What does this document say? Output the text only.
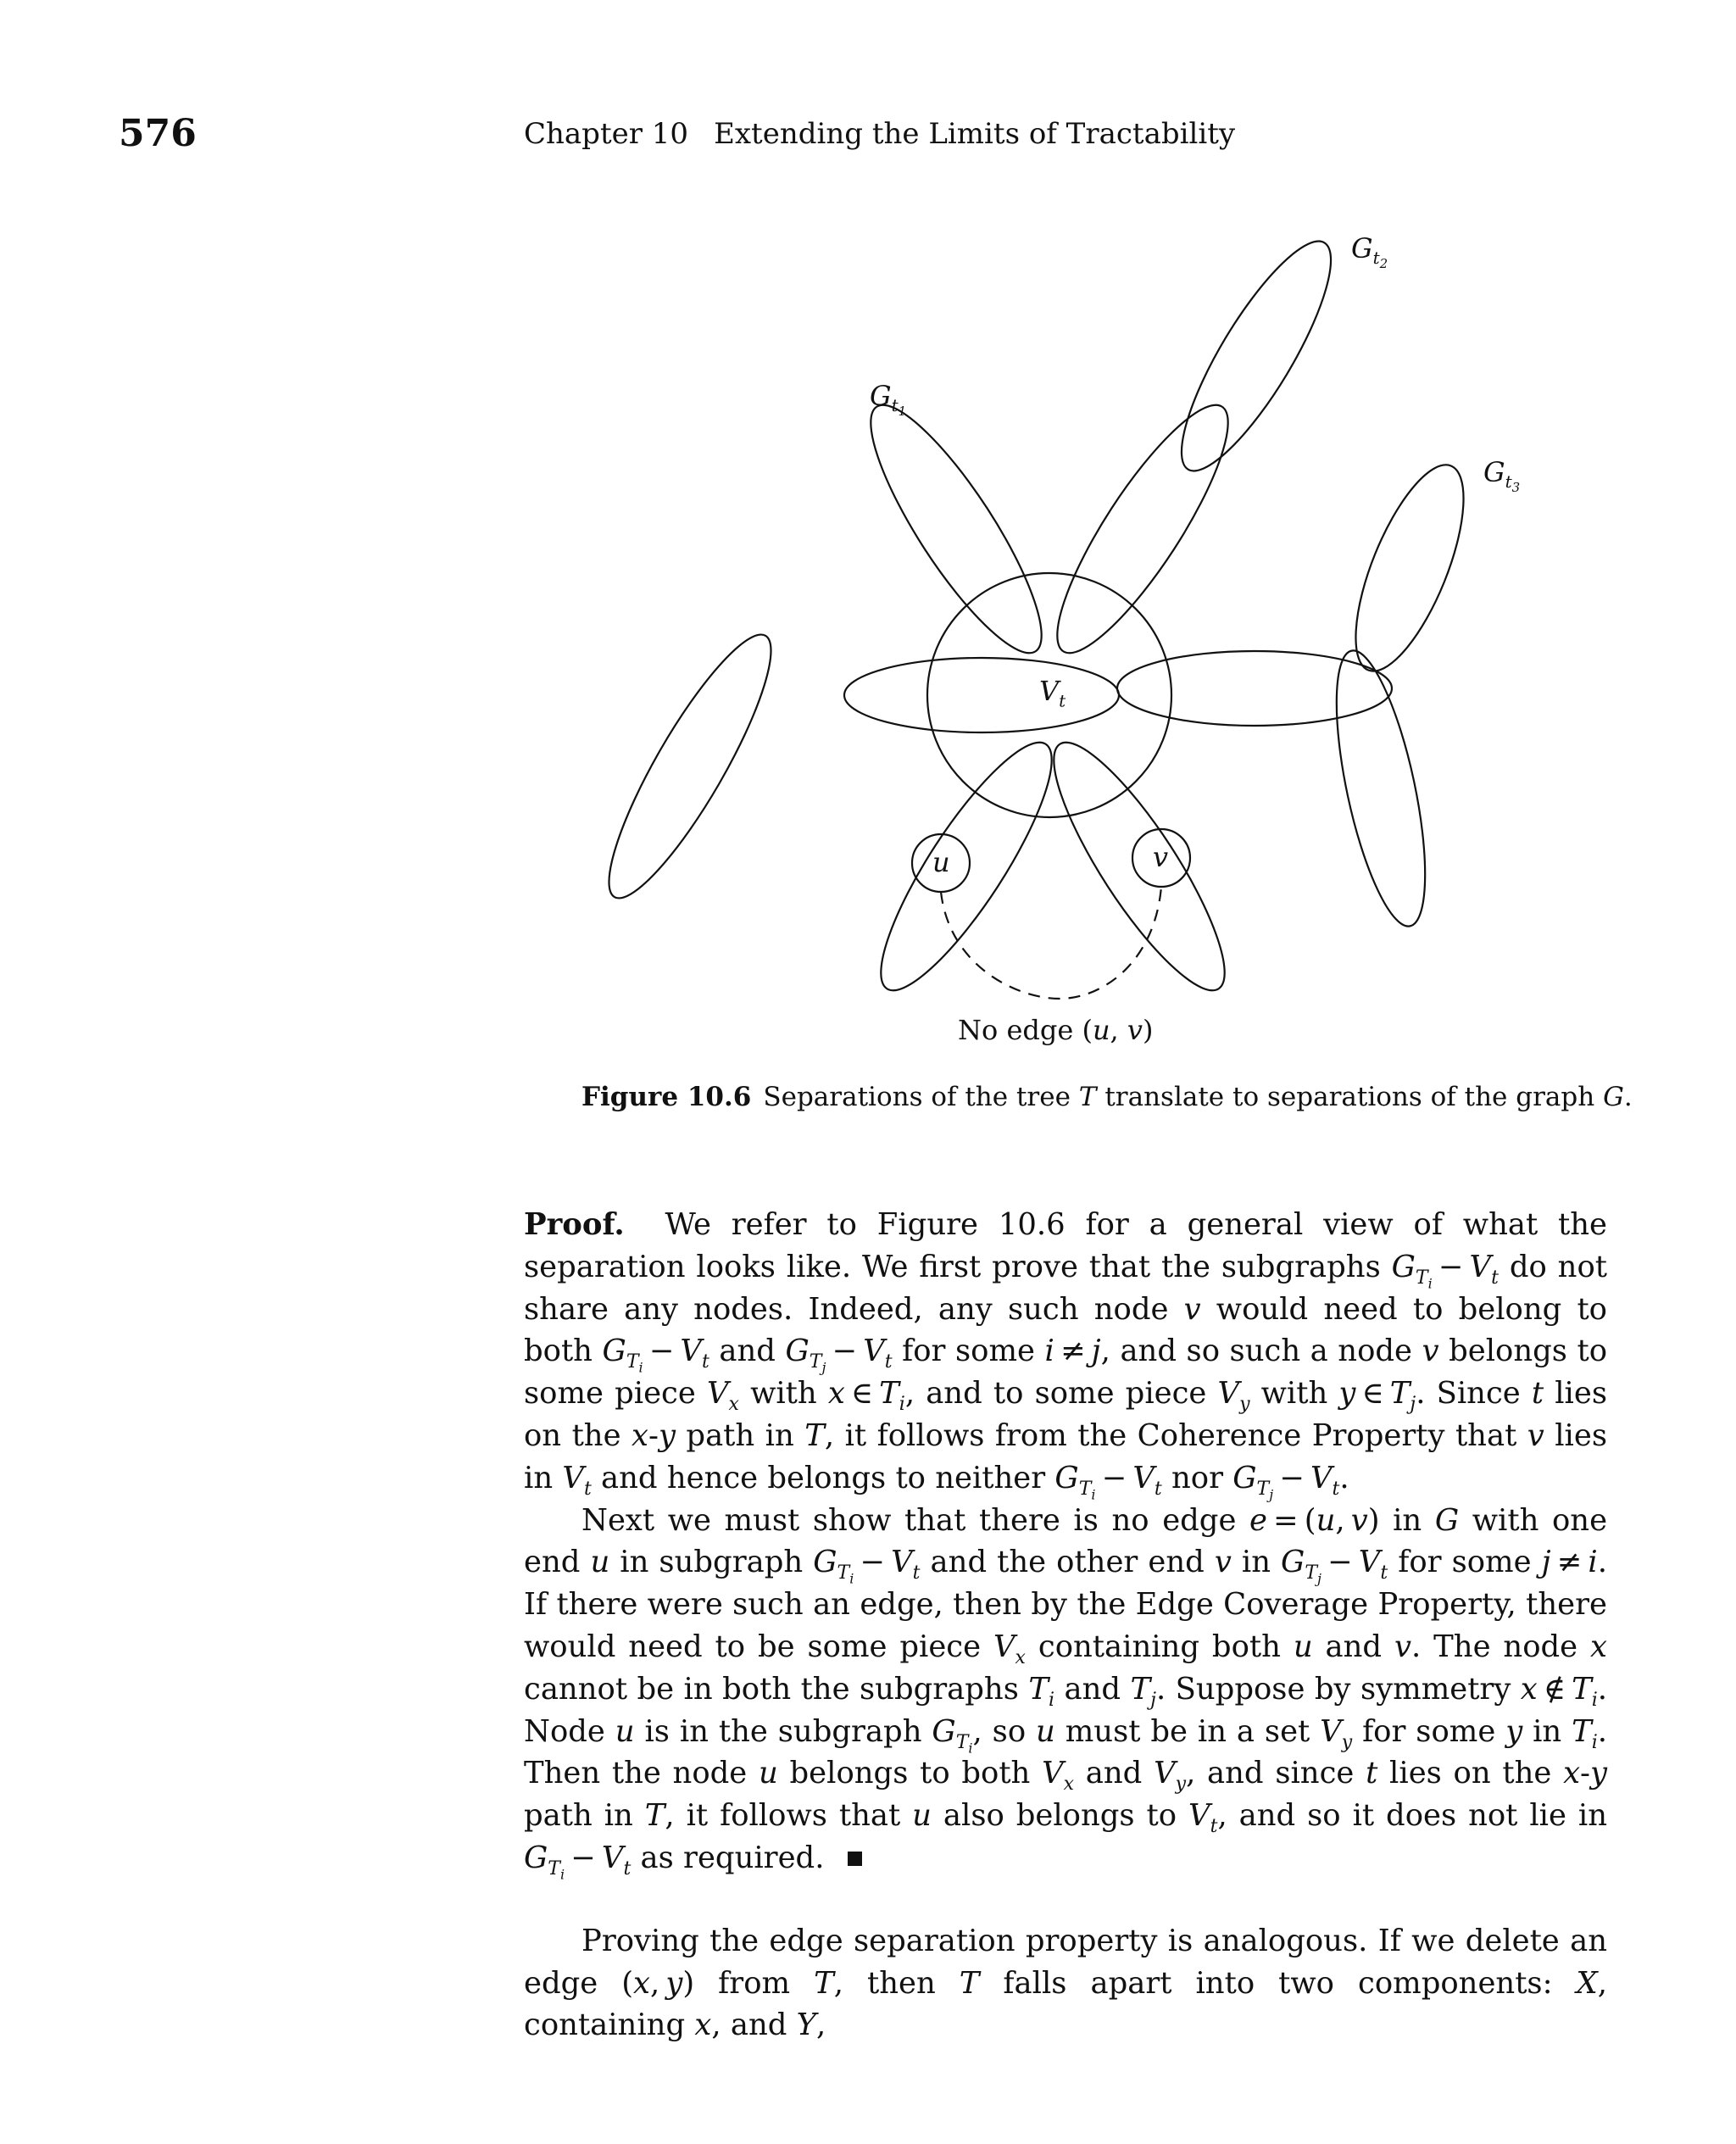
576	Chapter 10 Extending the Limits of Tractability
$V_t$
$G_{t_1}$
$G_{t_2}$
$G_{t_3}$
u	v
No edge (u, v)
Figure 10.6 Separations of the tree T translate to separations of the graph G.

Proof.  We refer to Figure 10.6 for a general view of what the separation looks like. We first prove that the subgraphs $G_{T_i} - V_t$ do not share any nodes. Indeed, any such node v would need to belong to both $G_{T_i} - V_t$ and $G_{T_j} - V_t$ for some i ≠ j, and so such a node v belongs to some piece $V_x$ with x ∈ $T_i$, and to some piece $V_y$ with y ∈ $T_j$. Since t lies on the x-y path in T, it follows from the Coherence Property that v lies in $V_t$ and hence belongs to neither $G_{T_i} - V_t$ nor $G_{T_j} - V_t$.

Next we must show that there is no edge e = (u, v) in G with one end u in subgraph $G_{T_i} - V_t$ and the other end v in $G_{T_j} - V_t$ for some j ≠ i. If there were such an edge, then by the Edge Coverage Property, there would need to be some piece $V_x$ containing both u and v. The node x cannot be in both the subgraphs $T_i$ and $T_j$. Suppose by symmetry x ∉ $T_i$. Node u is in the subgraph $G_{T_i}$, so u must be in a set $V_y$ for some y in $T_i$. Then the node u belongs to both $V_x$ and $V_y$, and since t lies on the x-y path in T, it follows that u also belongs to $V_t$, and so it does not lie in $G_{T_i} - V_t$ as required.

Proving the edge separation property is analogous. If we delete an edge (x, y) from T, then T falls apart into two components: X, containing x, and Y,
